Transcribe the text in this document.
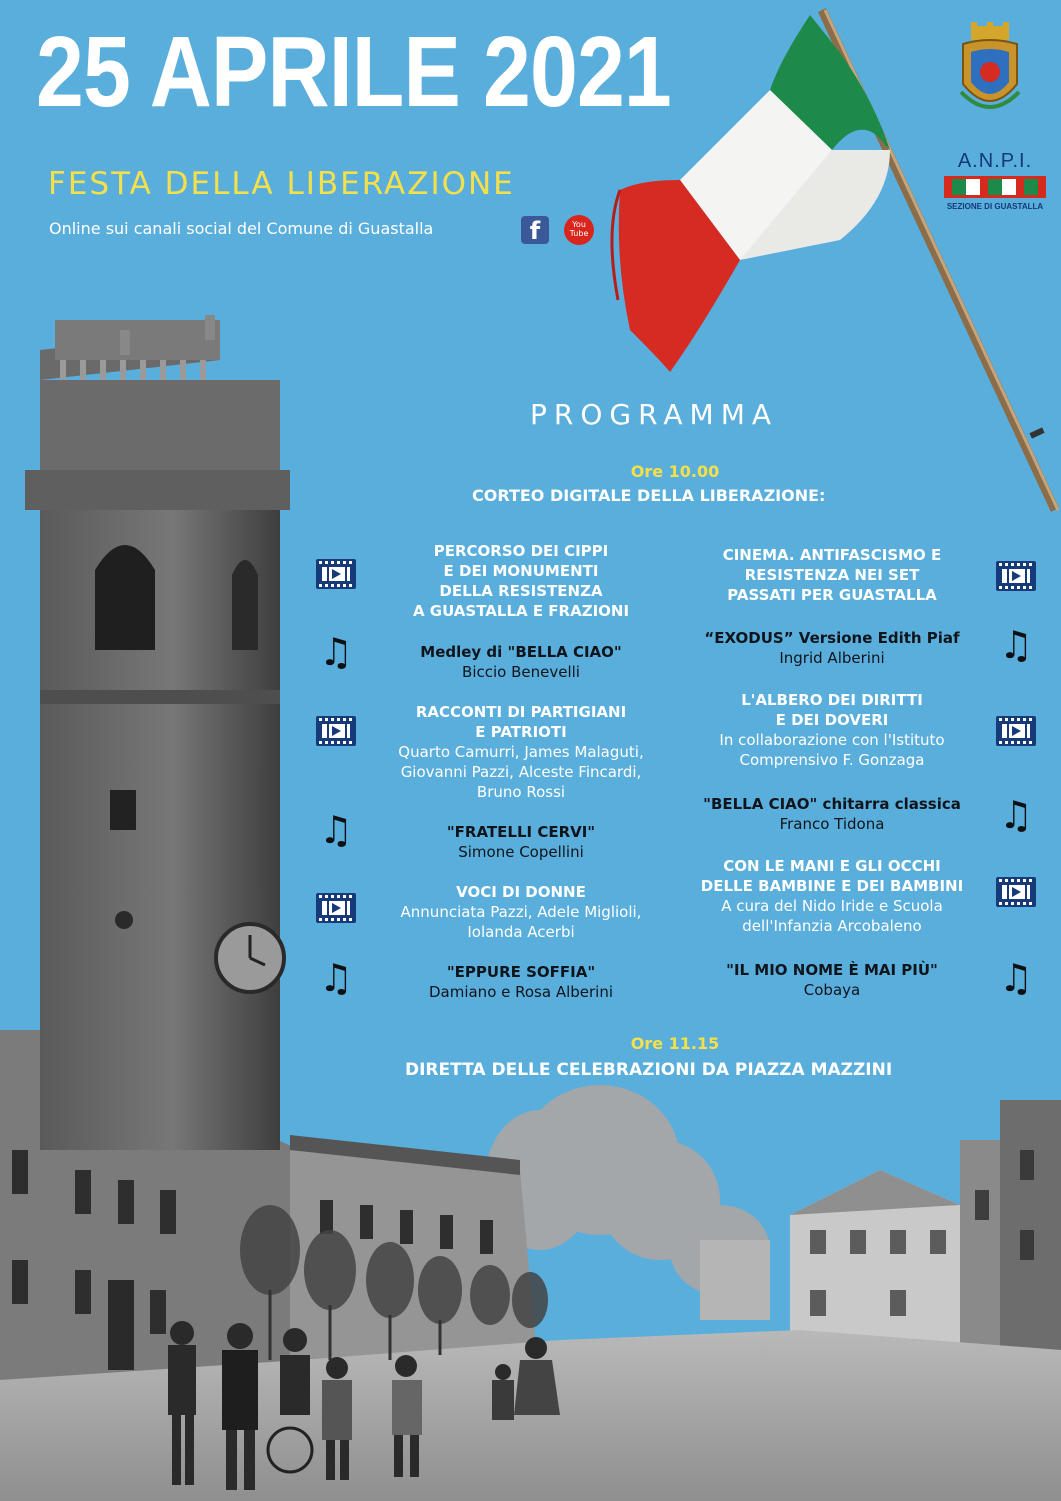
A.N.P.I.
SEZIONE DI GUASTALLA
25 APRILE 2021
FESTA DELLA LIBERAZIONE
Online sui canali social del Comune di Guastalla	f	You Tube
PROGRAMMA
Ore 10.00
CORTEO DIGITALE DELLA LIBERAZIONE:
Ore 11.15
DIRETTA DELLE CELEBRAZIONI DA PIAZZA MAZZINI
PERCORSO DEI CIPPI
E DEI MONUMENTI
DELLA RESISTENZA
A GUASTALLA E FRAZIONI
Medley di "BELLA CIAO"
Biccio Benevelli
♫
RACCONTI DI PARTIGIANI
E PATRIOTI
Quarto Camurri, James Malaguti,
Giovanni Pazzi, Alceste Fincardi,
Bruno Rossi
"FRATELLI CERVI"
Simone Copellini
♫
VOCI DI DONNE
Annunciata Pazzi, Adele Miglioli,
Iolanda Acerbi
"EPPURE SOFFIA"
Damiano e Rosa Alberini
♫
CINEMA. ANTIFASCISMO E
RESISTENZA NEI SET
PASSATI PER GUASTALLA
“EXODUS” Versione Edith Piaf
Ingrid Alberini	♫
L'ALBERO DEI DIRITTI
E DEI DOVERI
In collaborazione con l'Istituto
Comprensivo F. Gonzaga
"BELLA CIAO" chitarra classica
Franco Tidona	♫
CON LE MANI E GLI OCCHI
DELLE BAMBINE E DEI BAMBINI
A cura del Nido Iride e Scuola
dell'Infanzia Arcobaleno
"IL MIO NOME È MAI PIÙ"
Cobaya	♫
